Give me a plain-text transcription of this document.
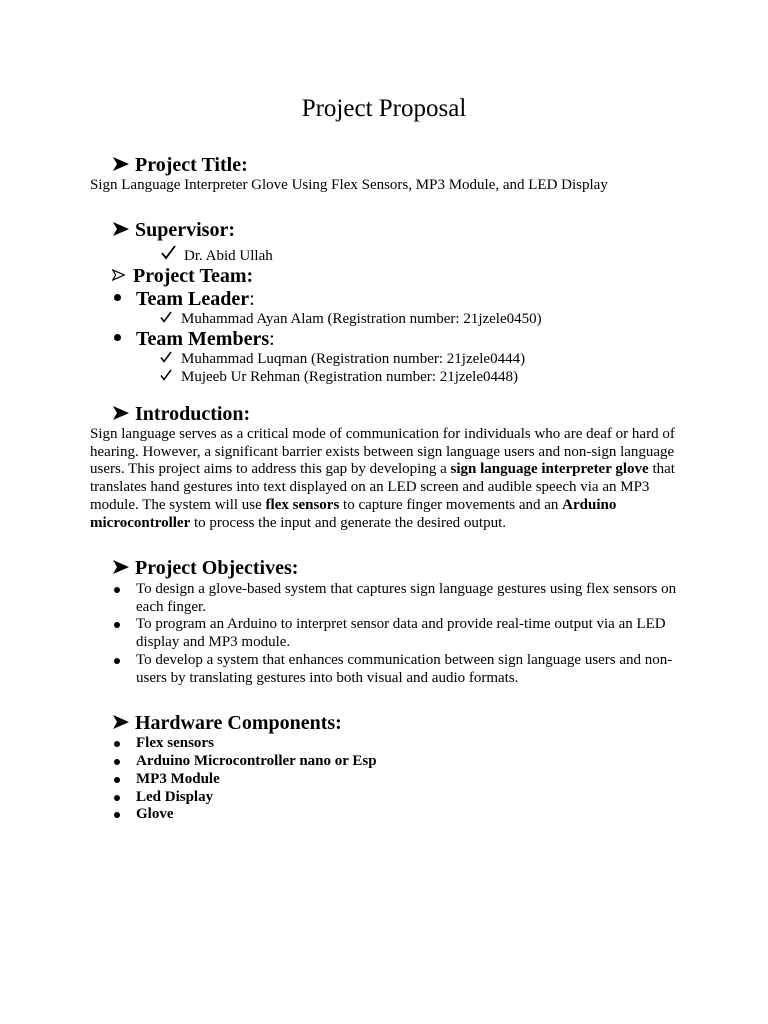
Project Proposal
Project Title:
Sign Language Interpreter Glove Using Flex Sensors, MP3 Module, and LED Display
Supervisor:
Dr. Abid Ullah
Project Team:
Team Leader:
Muhammad Ayan Alam (Registration number: 21jzele0450)
Team Members:
Muhammad Luqman (Registration number: 21jzele0444)
Mujeeb Ur Rehman (Registration number: 21jzele0448)
Introduction:
Sign language serves as a critical mode of communication for individuals who are deaf or hard of hearing. However, a significant barrier exists between sign language users and non-sign language users. This project aims to address this gap by developing a sign language interpreter glove that translates hand gestures into text displayed on an LED screen and audible speech via an MP3 module. The system will use flex sensors to capture finger movements and an Arduino microcontroller to process the input and generate the desired output.
Project Objectives:
To design a glove-based system that captures sign language gestures using flex sensors on each finger.
To program an Arduino to interpret sensor data and provide real-time output via an LED display and MP3 module.
To develop a system that enhances communication between sign language users and non-users by translating gestures into both visual and audio formats.
Hardware Components:
Flex sensors
Arduino Microcontroller nano or Esp
MP3 Module
Led Display
Glove
